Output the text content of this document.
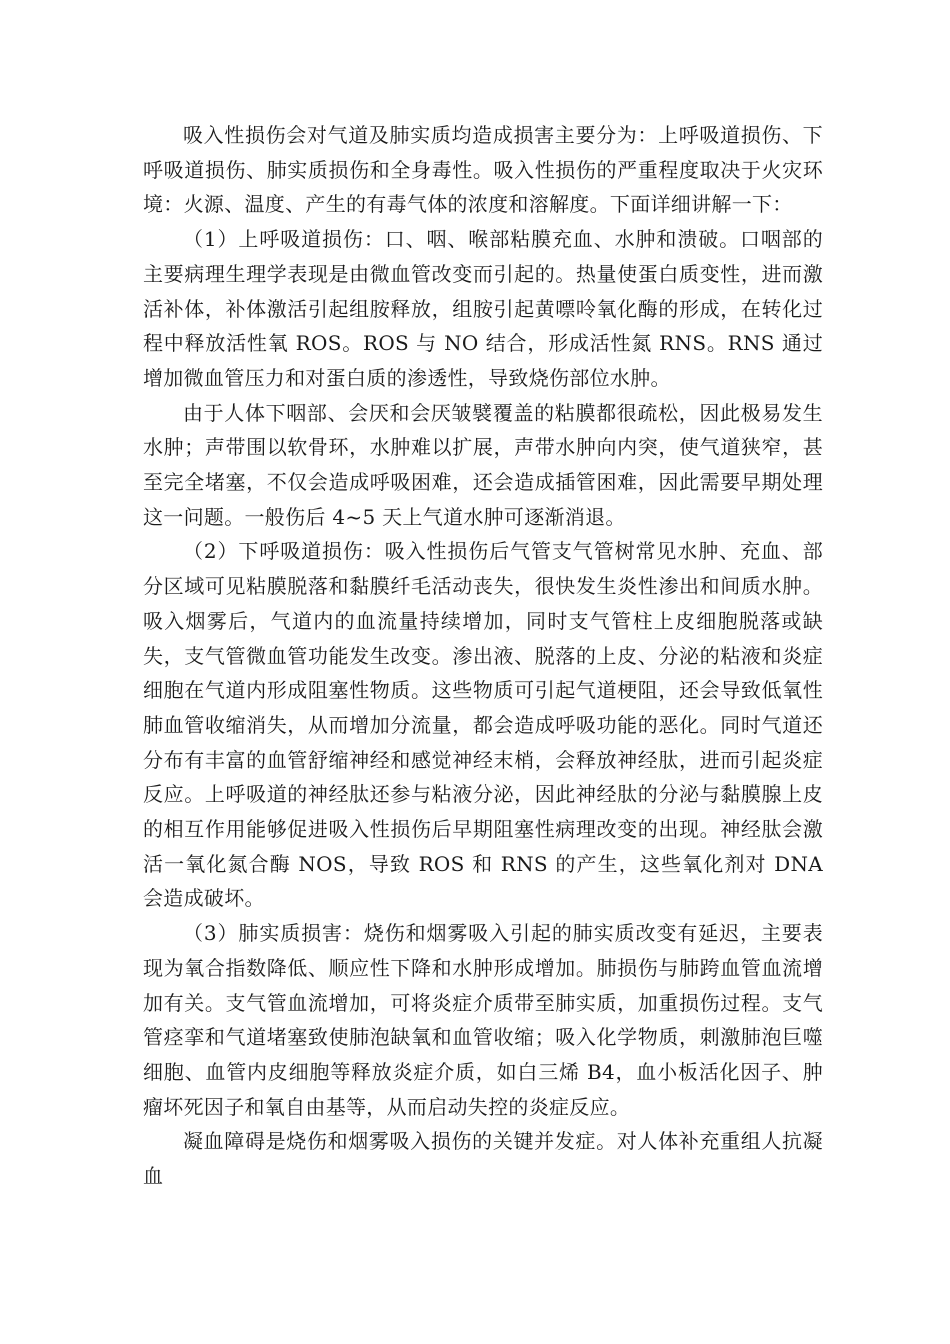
吸入性损伤会对气道及肺实质均造成损害主要分为：上呼吸道损伤、下呼吸道损伤、肺实质损伤和全身毒性。吸入性损伤的严重程度取决于火灾环境：火源、温度、产生的有毒气体的浓度和溶解度。下面详细讲解一下：

（1）上呼吸道损伤：口、咽、喉部粘膜充血、水肿和溃破。口咽部的主要病理生理学表现是由微血管改变而引起的。热量使蛋白质变性，进而激活补体，补体激活引起组胺释放，组胺引起黄嘌呤氧化酶的形成，在转化过程中释放活性氧 ROS。ROS 与 NO 结合，形成活性氮 RNS。RNS 通过增加微血管压力和对蛋白质的渗透性，导致烧伤部位水肿。

由于人体下咽部、会厌和会厌皱襞覆盖的粘膜都很疏松，因此极易发生水肿；声带围以软骨环，水肿难以扩展，声带水肿向内突，使气道狭窄，甚至完全堵塞，不仅会造成呼吸困难，还会造成插管困难，因此需要早期处理这一问题。一般伤后 4~5 天上气道水肿可逐渐消退。

（2）下呼吸道损伤：吸入性损伤后气管支气管树常见水肿、充血、部分区域可见粘膜脱落和黏膜纤毛活动丧失，很快发生炎性渗出和间质水肿。吸入烟雾后，气道内的血流量持续增加，同时支气管柱上皮细胞脱落或缺失，支气管微血管功能发生改变。渗出液、脱落的上皮、分泌的粘液和炎症细胞在气道内形成阻塞性物质。这些物质可引起气道梗阻，还会导致低氧性肺血管收缩消失，从而增加分流量，都会造成呼吸功能的恶化。同时气道还分布有丰富的血管舒缩神经和感觉神经末梢，会释放神经肽，进而引起炎症反应。上呼吸道的神经肽还参与粘液分泌，因此神经肽的分泌与黏膜腺上皮的相互作用能够促进吸入性损伤后早期阻塞性病理改变的出现。神经肽会激活一氧化氮合酶 NOS，导致 ROS 和 RNS 的产生，这些氧化剂对 DNA 会造成破坏。

（3）肺实质损害：烧伤和烟雾吸入引起的肺实质改变有延迟，主要表现为氧合指数降低、顺应性下降和水肿形成增加。肺损伤与肺跨血管血流增加有关。支气管血流增加，可将炎症介质带至肺实质，加重损伤过程。支气管痉挛和气道堵塞致使肺泡缺氧和血管收缩；吸入化学物质，刺激肺泡巨噬细胞、血管内皮细胞等释放炎症介质，如白三烯 B4，血小板活化因子、肿瘤坏死因子和氧自由基等，从而启动失控的炎症反应。

凝血障碍是烧伤和烟雾吸入损伤的关键并发症。对人体补充重组人抗凝血
